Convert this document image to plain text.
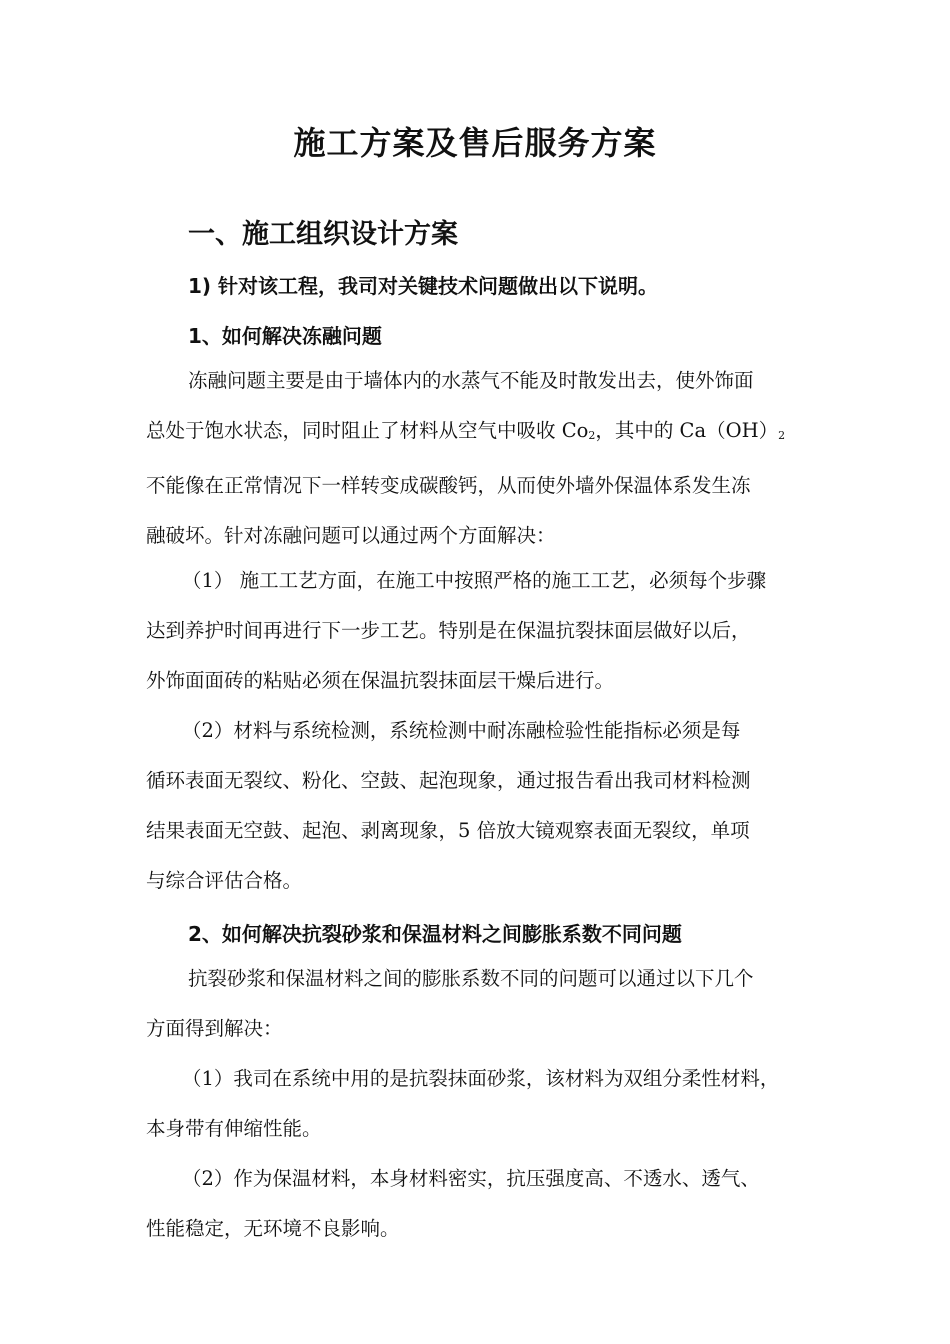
施工方案及售后服务方案
一、施工组织设计方案
1) 针对该工程，我司对关键技术问题做出以下说明。
1、如何解决冻融问题

冻融问题主要是由于墙体内的水蒸气不能及时散发出去，使外饰面
总处于饱水状态，同时阻止了材料从空气中吸收 $Co_2$，其中的 $Ca(OH)_2$
不能像在正常情况下一样转变成碳酸钙，从而使外墙外保温体系发生冻
融破坏。针对冻融问题可以通过两个方面解决：

（1） 施工工艺方面，在施工中按照严格的施工工艺，必须每个步骤
达到养护时间再进行下一步工艺。特别是在保温抗裂抹面层做好以后，
外饰面面砖的粘贴必须在保温抗裂抹面层干燥后进行。

（2）材料与系统检测，系统检测中耐冻融检验性能指标必须是每
循环表面无裂纹、粉化、空鼓、起泡现象，通过报告看出我司材料检测
结果表面无空鼓、起泡、剥离现象，5 倍放大镜观察表面无裂纹，单项
与综合评估合格。

2、如何解决抗裂砂浆和保温材料之间膨胀系数不同问题

抗裂砂浆和保温材料之间的膨胀系数不同的问题可以通过以下几个
方面得到解决：

（1）我司在系统中用的是抗裂抹面砂浆，该材料为双组分柔性材料，
本身带有伸缩性能。

（2）作为保温材料，本身材料密实，抗压强度高、不透水、透气、
性能稳定，无环境不良影响。
